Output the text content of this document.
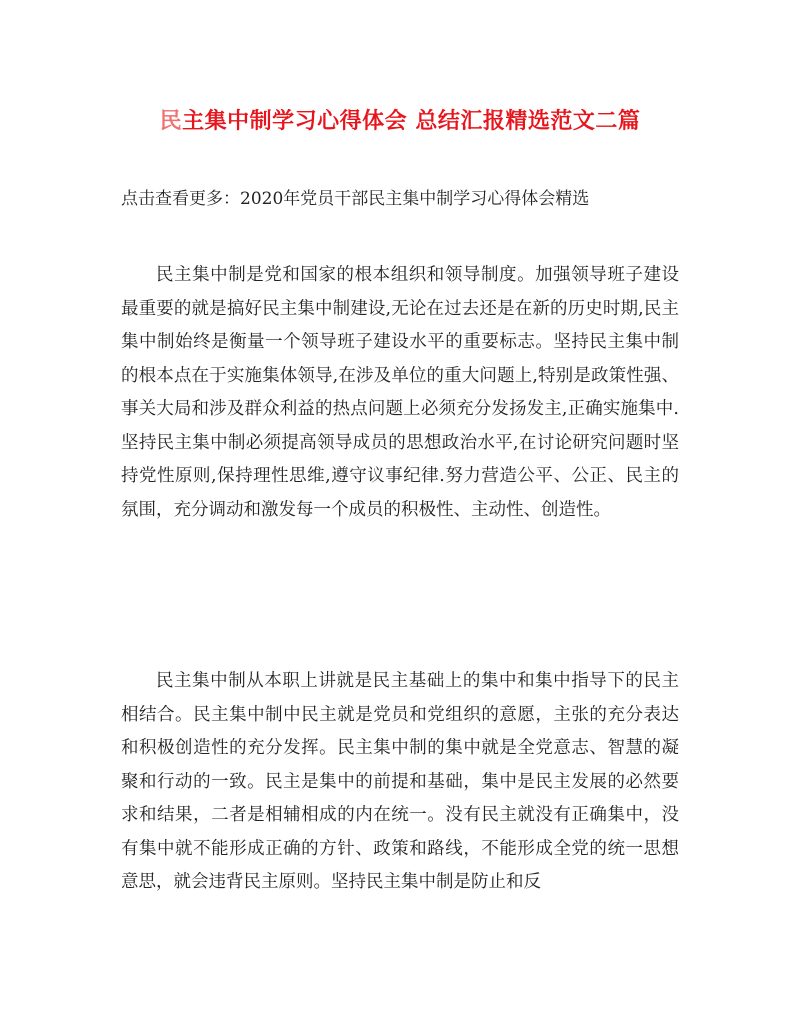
民主集中制学习心得体会 总结汇报精选范文二篇

点击查看更多：2020年党员干部民主集中制学习心得体会精选

民主集中制是党和国家的根本组织和领导制度。加强领导班子建设最重要的就是搞好民主集中制建设,无论在过去还是在新的历史时期,民主集中制始终是衡量一个领导班子建设水平的重要标志。坚持民主集中制的根本点在于实施集体领导,在涉及单位的重大问题上,特别是政策性强、事关大局和涉及群众利益的热点问题上必须充分发扬发主,正确实施集中.坚持民主集中制必须提高领导成员的思想政治水平,在讨论研究问题时坚持党性原则,保持理性思维,遵守议事纪律.努力营造公平、公正、民主的氛围，充分调动和激发每一个成员的积极性、主动性、创造性。

民主集中制从本职上讲就是民主基础上的集中和集中指导下的民主相结合。民主集中制中民主就是党员和党组织的意愿，主张的充分表达和积极创造性的充分发挥。民主集中制的集中就是全党意志、智慧的凝聚和行动的一致。民主是集中的前提和基础，集中是民主发展的必然要求和结果，二者是相辅相成的内在统一。没有民主就没有正确集中，没有集中就不能形成正确的方针、政策和路线，不能形成全党的统一思想意思，就会违背民主原则。坚持民主集中制是防止和反
